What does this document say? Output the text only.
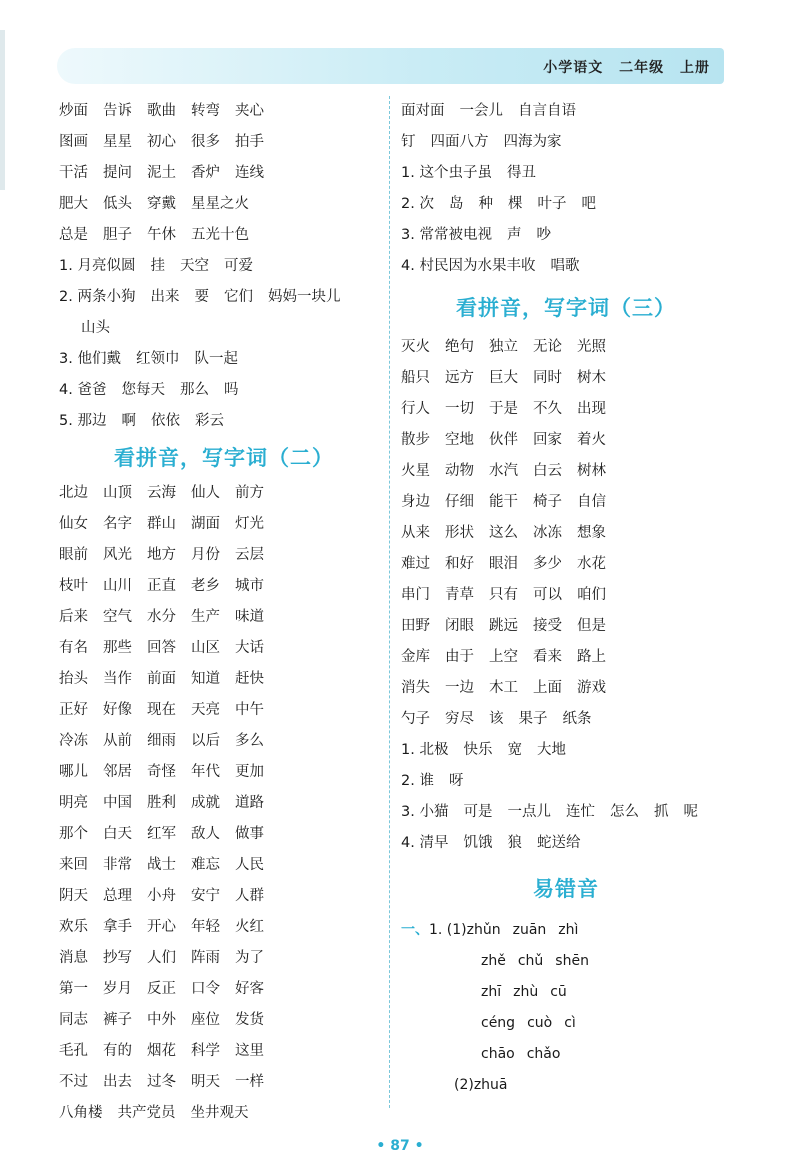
小学语文 二年级 上册
炒面 告诉 歌曲 转弯 夹心
图画 星星 初心 很多 拍手
干活 提问 泥土 香炉 连线
肥大 低头 穿戴 星星之火
总是 胆子 午休 五光十色
1. 月亮似圆 挂 天空 可爱
2. 两条小狗 出来 要 它们 妈妈一块儿
山头
3. 他们戴 红领巾 队一起
4. 爸爸 您每天 那么 吗
5. 那边 啊 依依 彩云
看拼音，写字词（二）
北边 山顶 云海 仙人 前方
仙女 名字 群山 湖面 灯光
眼前 风光 地方 月份 云层
枝叶 山川 正直 老乡 城市
后来 空气 水分 生产 味道
有名 那些 回答 山区 大话
抬头 当作 前面 知道 赶快
正好 好像 现在 天亮 中午
冷冻 从前 细雨 以后 多么
哪儿 邻居 奇怪 年代 更加
明亮 中国 胜利 成就 道路
那个 白天 红军 敌人 做事
来回 非常 战士 难忘 人民
阴天 总理 小舟 安宁 人群
欢乐 拿手 开心 年轻 火红
消息 抄写 人们 阵雨 为了
第一 岁月 反正 口令 好客
同志 裤子 中外 座位 发货
毛孔 有的 烟花 科学 这里
不过 出去 过冬 明天 一样
八角楼 共产党员 坐井观天
面对面 一会儿 自言自语
钉 四面八方 四海为家
1. 这个虫子虽 得丑
2. 次 岛 种 棵 叶子 吧
3. 常常被电视 声 吵
4. 村民因为水果丰收 唱歌
看拼音，写字词（三）
灭火 绝句 独立 无论 光照
船只 远方 巨大 同时 树木
行人 一切 于是 不久 出现
散步 空地 伙伴 回家 着火
火星 动物 水汽 白云 树林
身边 仔细 能干 椅子 自信
从来 形状 这么 冰冻 想象
难过 和好 眼泪 多少 水花
串门 青草 只有 可以 咱们
田野 闭眼 跳远 接受 但是
金库 由于 上空 看来 路上
消失 一边 木工 上面 游戏
勺子 穷尽 该 果子 纸条
1. 北极 快乐 宽 大地
2. 谁 呀
3. 小猫 可是 一点儿 连忙 怎么 抓 呢
4. 清早 饥饿 狼 蛇送给
易错音
一、1. (1)zhǔn zuān zhì
zhě chǔ shēn
zhī zhù cū
céng cuò cì
chāo chǎo
(2)zhuā
• 87 •
